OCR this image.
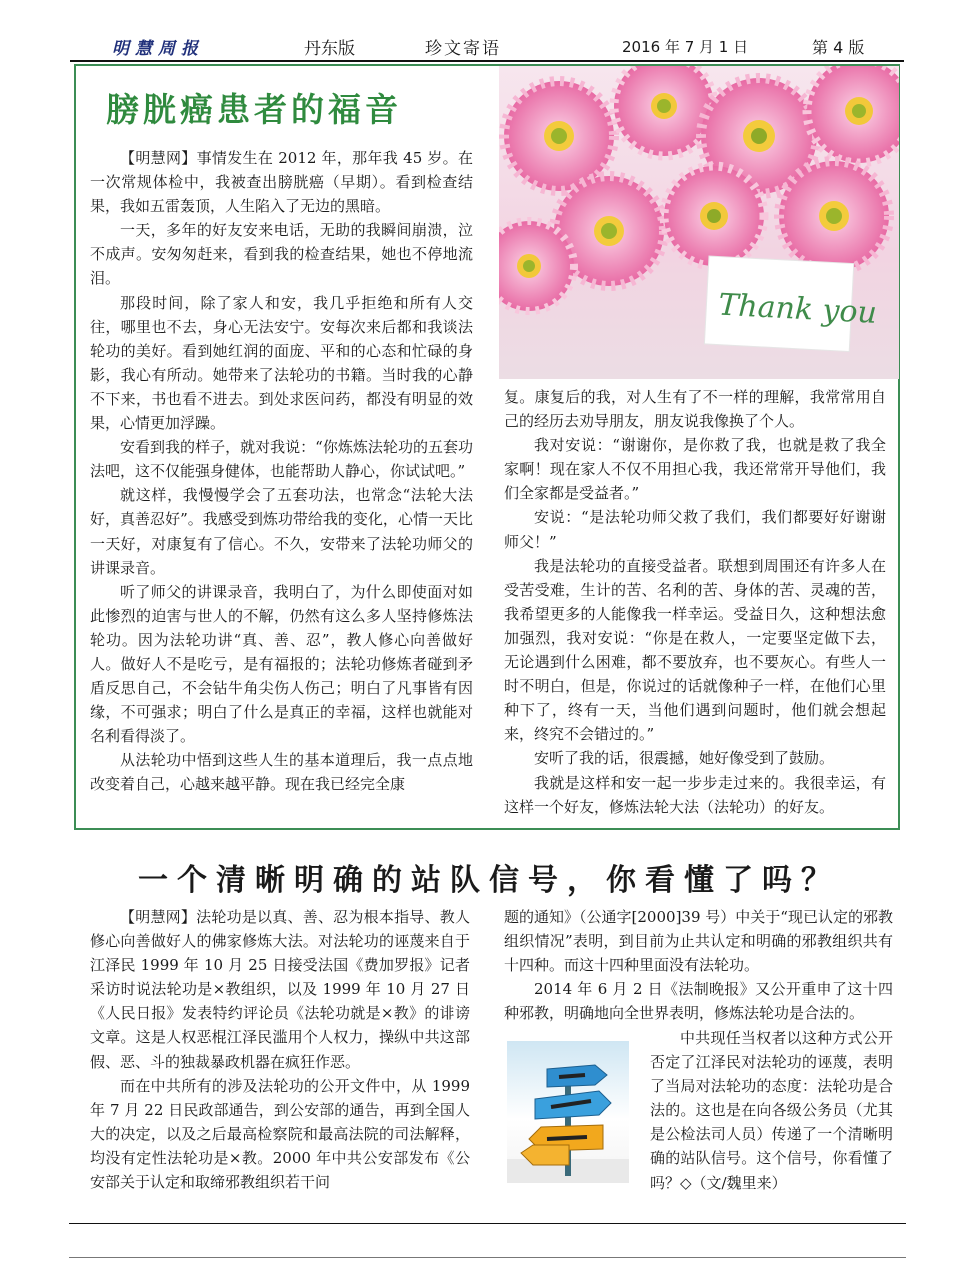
明慧周报	丹东版	珍文寄语	2016 年 7 月 1 日	第 4 版
膀胱癌患者的福音
Thank you

【明慧网】事情发生在 2012 年，那年我 45 岁。在一次常规体检中，我被查出膀胱癌（早期）。看到检查结果，我如五雷轰顶，人生陷入了无边的黑暗。

一天，多年的好友安来电话，无助的我瞬间崩溃，泣不成声。安匆匆赶来，看到我的检查结果，她也不停地流泪。

那段时间，除了家人和安，我几乎拒绝和所有人交往，哪里也不去，身心无法安宁。安每次来后都和我谈法轮功的美好。看到她红润的面庞、平和的心态和忙碌的身影，我心有所动。她带来了法轮功的书籍。当时我的心静不下来，书也看不进去。到处求医问药，都没有明显的效果，心情更加浮躁。

安看到我的样子，就对我说：“你炼炼法轮功的五套功法吧，这不仅能强身健体，也能帮助人静心，你试试吧。”

就这样，我慢慢学会了五套功法，也常念“法轮大法好，真善忍好”。我感受到炼功带给我的变化，心情一天比一天好，对康复有了信心。不久，安带来了法轮功师父的讲课录音。

听了师父的讲课录音，我明白了，为什么即使面对如此惨烈的迫害与世人的不解，仍然有这么多人坚持修炼法轮功。因为法轮功讲“真、善、忍”，教人修心向善做好人。做好人不是吃亏，是有福报的；法轮功修炼者碰到矛盾反思自己，不会钻牛角尖伤人伤己；明白了凡事皆有因缘，不可强求；明白了什么是真正的幸福，这样也就能对名利看得淡了。

从法轮功中悟到这些人生的基本道理后，我一点点地改变着自己，心越来越平静。现在我已经完全康

复。康复后的我，对人生有了不一样的理解，我常常用自己的经历去劝导朋友，朋友说我像换了个人。

我对安说：“谢谢你，是你救了我，也就是救了我全家啊！现在家人不仅不用担心我，我还常常开导他们，我们全家都是受益者。”

安说：“是法轮功师父救了我们，我们都要好好谢谢师父！”

我是法轮功的直接受益者。联想到周围还有许多人在受苦受难，生计的苦、名利的苦、身体的苦、灵魂的苦，我希望更多的人能像我一样幸运。受益日久，这种想法愈加强烈，我对安说：“你是在救人，一定要坚定做下去，无论遇到什么困难，都不要放弃，也不要灰心。有些人一时不明白，但是，你说过的话就像种子一样，在他们心里种下了，终有一天，当他们遇到问题时，他们就会想起来，终究不会错过的。”

安听了我的话，很震撼，她好像受到了鼓励。

我就是这样和安一起一步步走过来的。我很幸运，有这样一个好友，修炼法轮大法（法轮功）的好友。

一个清晰明确的站队信号，你看懂了吗？

【明慧网】法轮功是以真、善、忍为根本指导、教人修心向善做好人的佛家修炼大法。对法轮功的诬蔑来自于江泽民 1999 年 10 月 25 日接受法国《费加罗报》记者采访时说法轮功是×教组织，以及 1999 年 10 月 27 日《人民日报》发表特约评论员《法轮功就是×教》的诽谤文章。这是人权恶棍江泽民滥用个人权力，操纵中共这部假、恶、斗的独裁暴政机器在疯狂作恶。

而在中共所有的涉及法轮功的公开文件中，从 1999 年 7 月 22 日民政部通告，到公安部的通告，再到全国人大的决定，以及之后最高检察院和最高法院的司法解释，均没有定性法轮功是×教。2000 年中共公安部发布《公安部关于认定和取缔邪教组织若干问

题的通知》（公通字[2000]39 号）中关于“现已认定的邪教组织情况”表明，到目前为止共认定和明确的邪教组织共有十四种。而这十四种里面没有法轮功。

2014 年 6 月 2 日《法制晚报》又公开重申了这十四种邪教，明确地向全世界表明，修炼法轮功是合法的。

中共现任当权者以这种方式公开否定了江泽民对法轮功的诬蔑，表明了当局对法轮功的态度：法轮功是合法的。这也是在向各级公务员（尤其是公检法司人员）传递了一个清晰明确的站队信号。这个信号，你看懂了吗？◇（文/魏里来）
